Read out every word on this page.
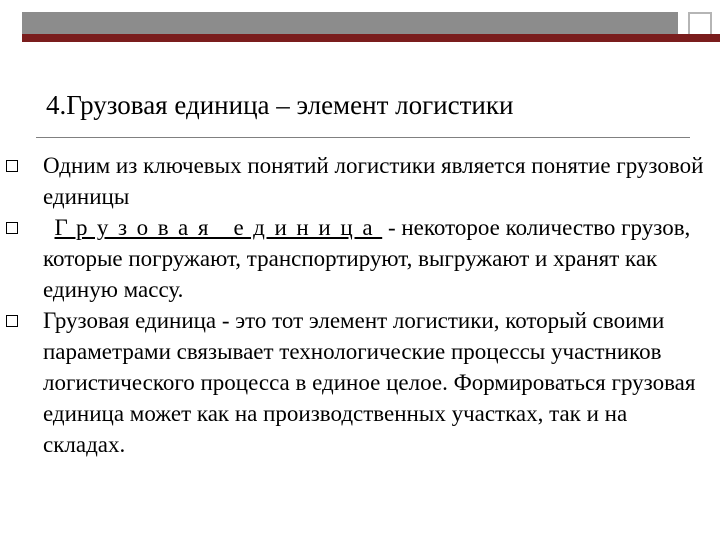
4.Грузовая единица – элемент логистики
Одним из ключевых понятий логистики является понятие грузовой единицы
Грузовая единица - некоторое количество грузов, которые погружают, транспортируют, выгружают и хранят как единую массу.
Грузовая единица - это тот элемент логистики, который своими параметрами связывает технологические процессы участников логистического процесса в единое целое. Формироваться грузовая единица может как на производственных участках, так и на складах.
